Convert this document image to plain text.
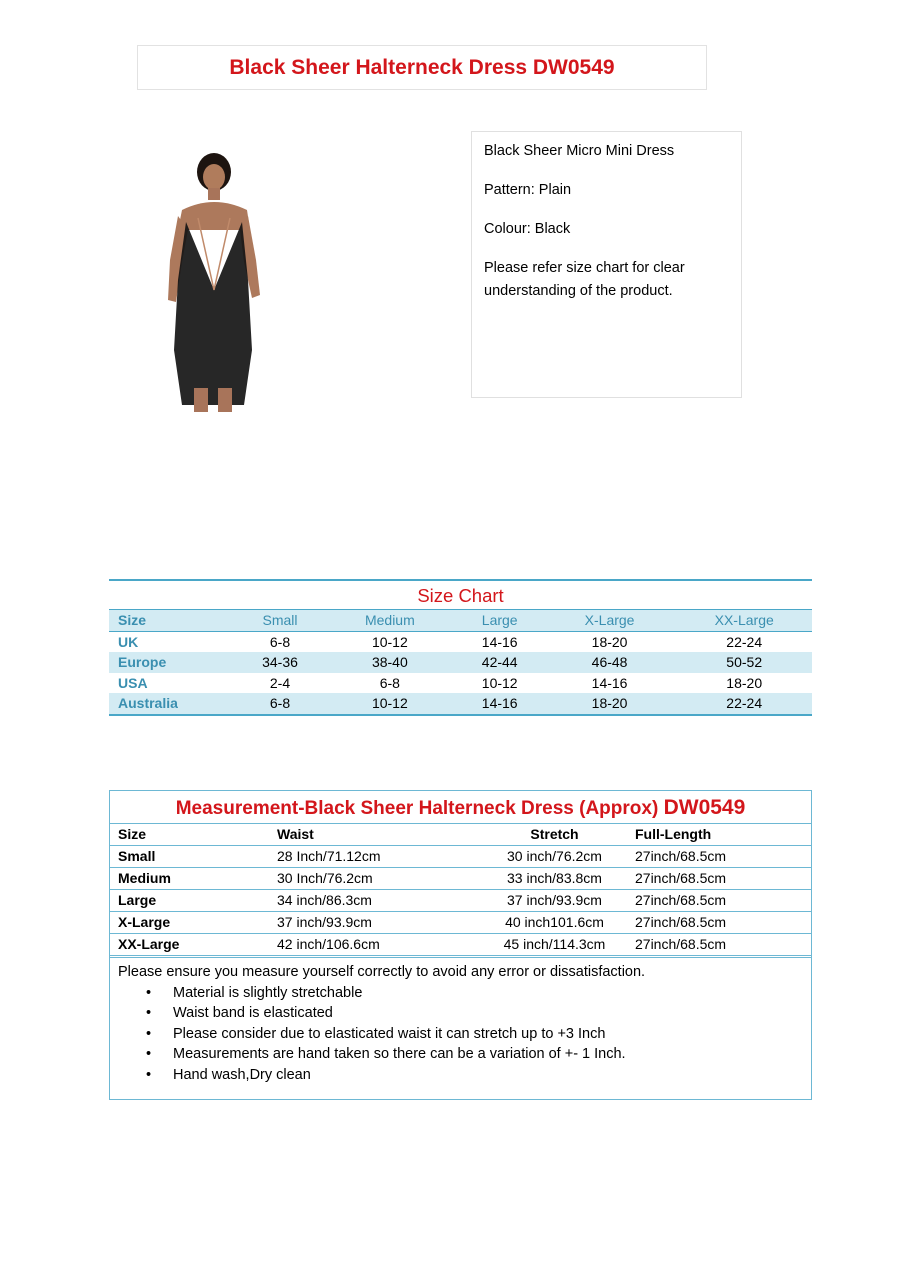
Black Sheer Halterneck Dress DW0549

Black Sheer Micro Mini Dress

Pattern: Plain

Colour: Black

Please refer size chart for clear understanding of the product.

Size Chart
Size	Small	Medium	Large	X-Large	XX-Large
UK	6-8	10-12	14-16	18-20	22-24
Europe	34-36	38-40	42-44	46-48	50-52
USA	2-4	6-8	10-12	14-16	18-20
Australia	6-8	10-12	14-16	18-20	22-24
Measurement-Black Sheer Halterneck Dress (Approx) DW0549
Size	Waist	Stretch	Full-Length
Small	28 Inch/71.12cm	30 inch/76.2cm	27inch/68.5cm
Medium	30 Inch/76.2cm	33 inch/83.8cm	27inch/68.5cm
Large	34 inch/86.3cm	37 inch/93.9cm	27inch/68.5cm
X-Large	37 inch/93.9cm	40 inch101.6cm	27inch/68.5cm
XX-Large	42 inch/106.6cm	45 inch/114.3cm	27inch/68.5cm
Please ensure you measure yourself correctly to avoid any error or dissatisfaction.
• Material is slightly stretchable
• Waist band is elasticated
• Please consider due to elasticated waist it can stretch up to +3 Inch
• Measurements are hand taken so there can be a variation of +- 1 Inch.
• Hand wash,Dry clean
